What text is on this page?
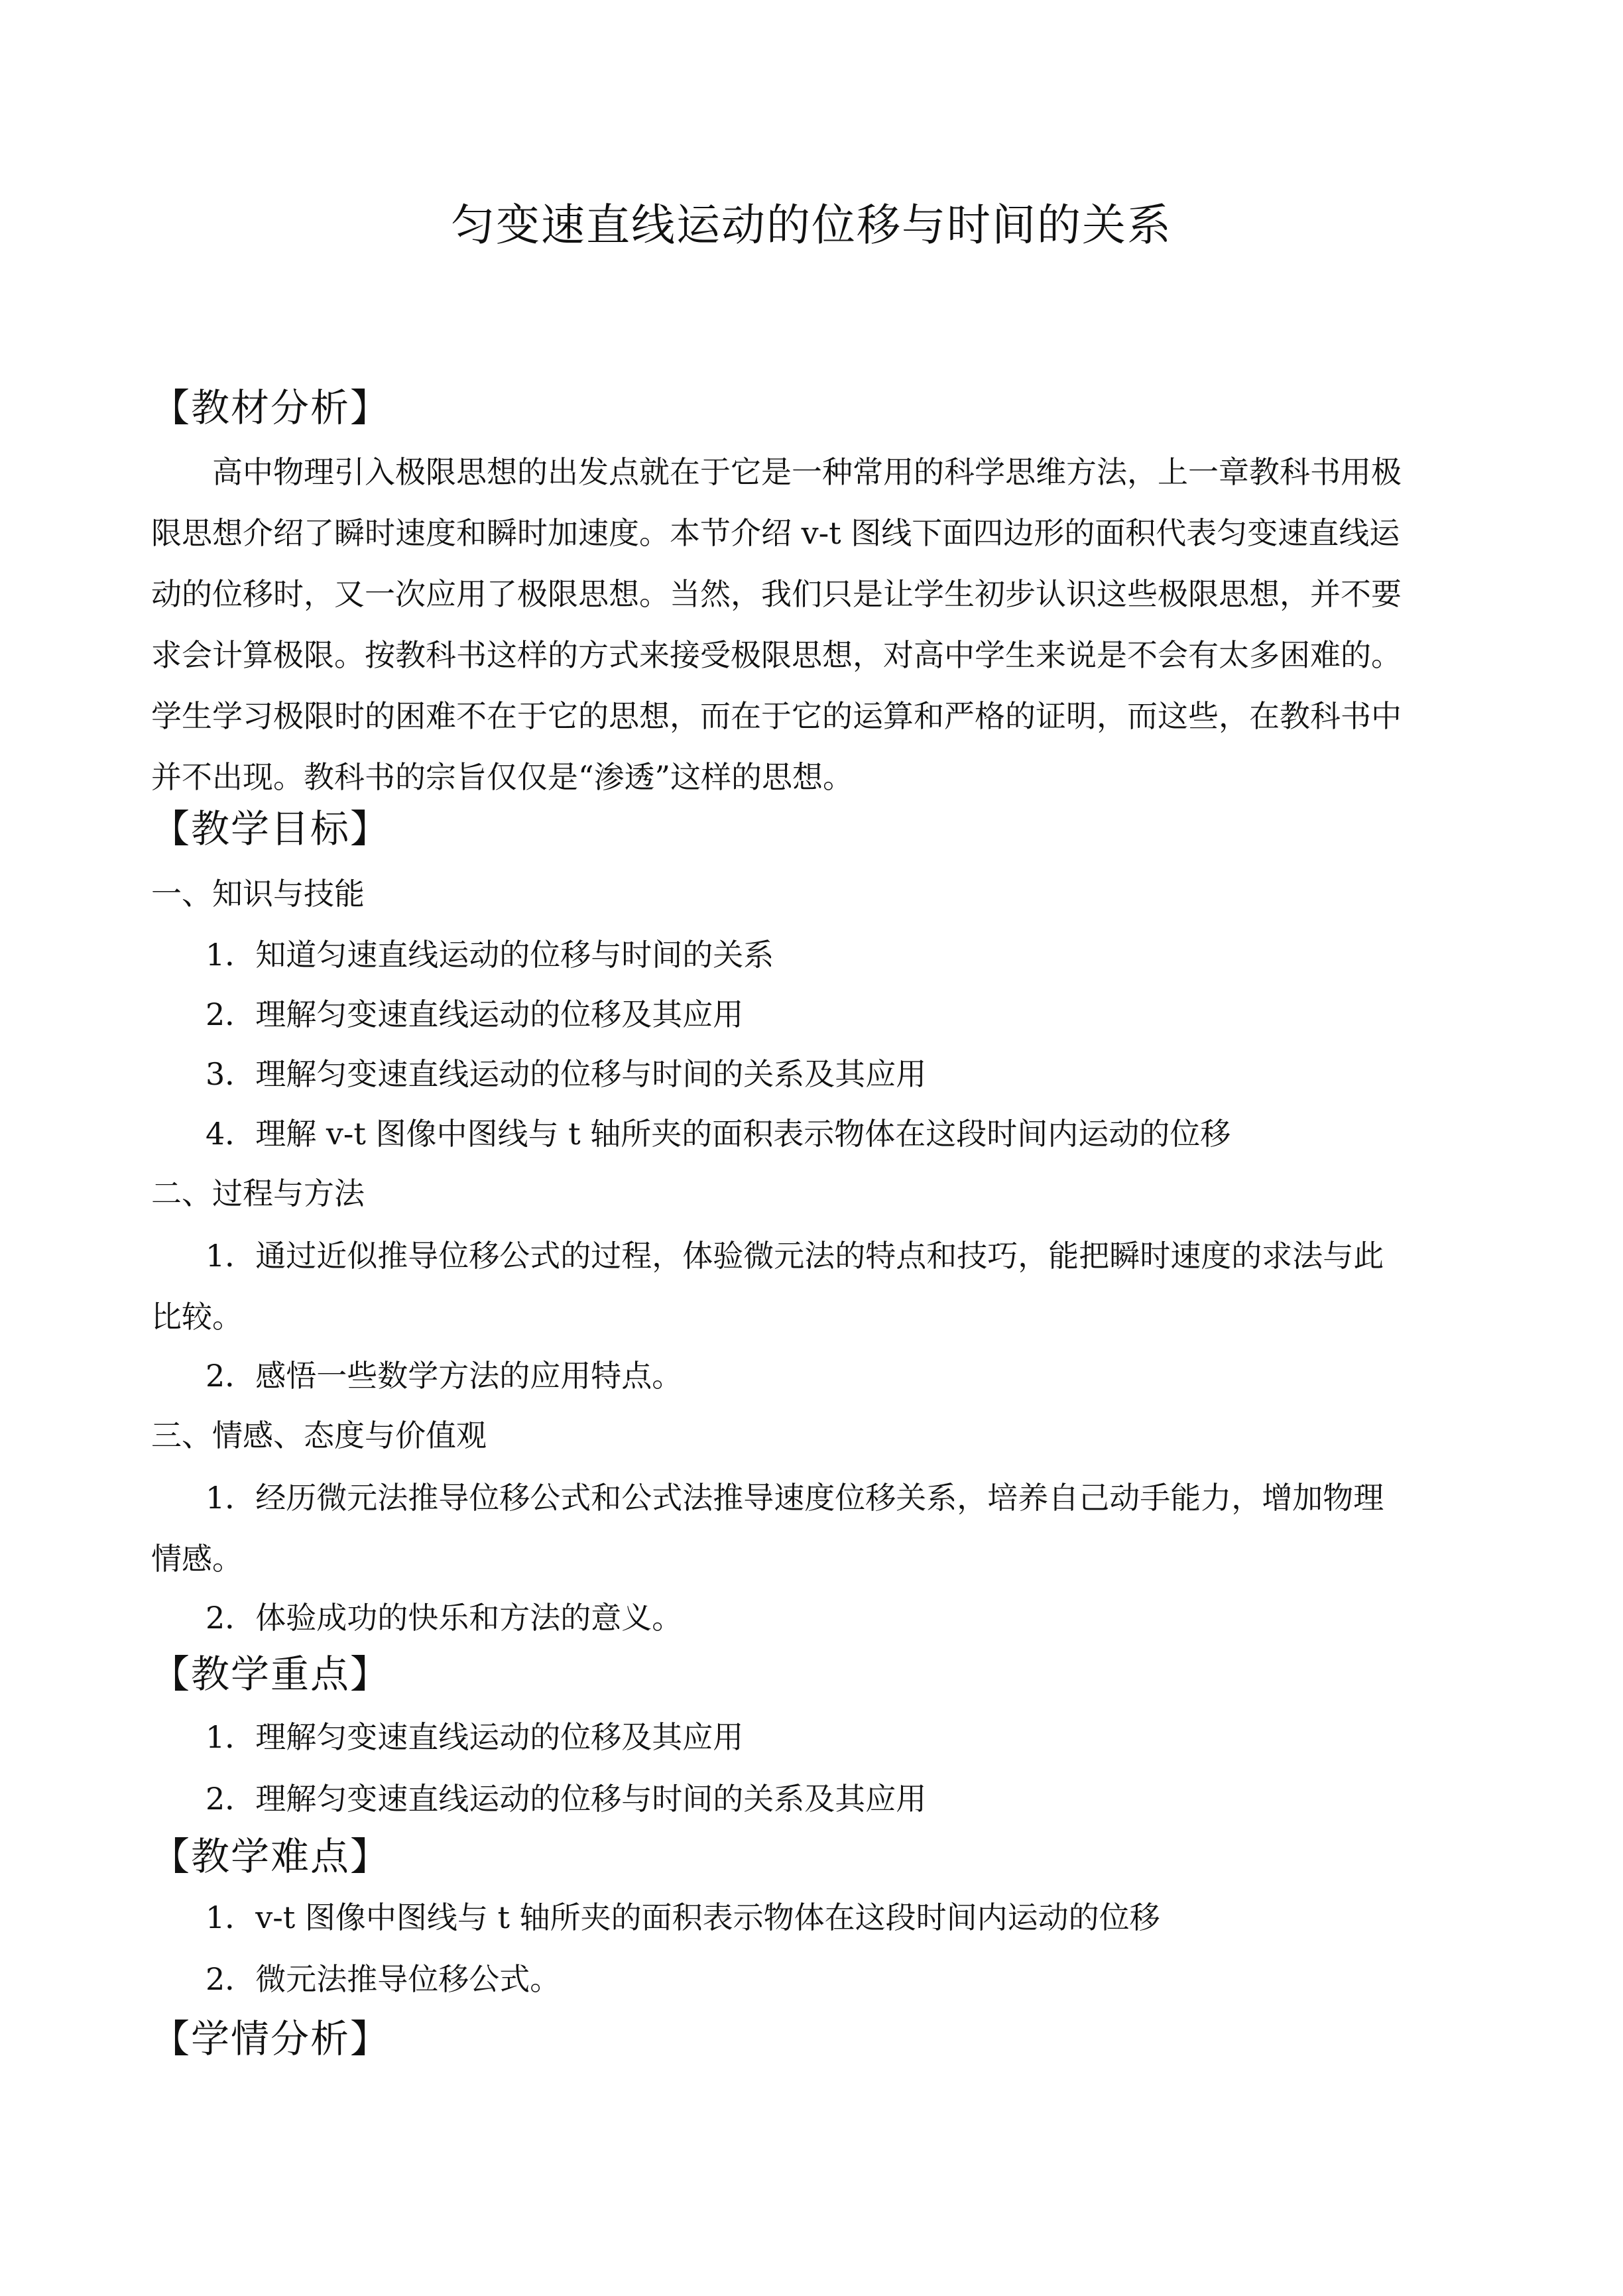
匀变速直线运动的位移与时间的关系
【教材分析】
高中物理引入极限思想的出发点就在于它是一种常用的科学思维方法，上一章教科书用极
限思想介绍了瞬时速度和瞬时加速度。本节介绍 v-t 图线下面四边形的面积代表匀变速直线运
动的位移时，又一次应用了极限思想。当然，我们只是让学生初步认识这些极限思想，并不要
求会计算极限。按教科书这样的方式来接受极限思想，对高中学生来说是不会有太多困难的。
学生学习极限时的困难不在于它的思想，而在于它的运算和严格的证明，而这些，在教科书中
并不出现。教科书的宗旨仅仅是“渗透”这样的思想。
【教学目标】
一、知识与技能
1．知道匀速直线运动的位移与时间的关系
2．理解匀变速直线运动的位移及其应用
3．理解匀变速直线运动的位移与时间的关系及其应用
4．理解 v-t 图像中图线与 t 轴所夹的面积表示物体在这段时间内运动的位移
二、过程与方法
1．通过近似推导位移公式的过程，体验微元法的特点和技巧，能把瞬时速度的求法与此
比较。
2．感悟一些数学方法的应用特点。
三、情感、态度与价值观
1．经历微元法推导位移公式和公式法推导速度位移关系，培养自己动手能力，增加物理
情感。
2．体验成功的快乐和方法的意义。
【教学重点】
1．理解匀变速直线运动的位移及其应用
2．理解匀变速直线运动的位移与时间的关系及其应用
【教学难点】
1．v-t 图像中图线与 t 轴所夹的面积表示物体在这段时间内运动的位移
2．微元法推导位移公式。
【学情分析】
